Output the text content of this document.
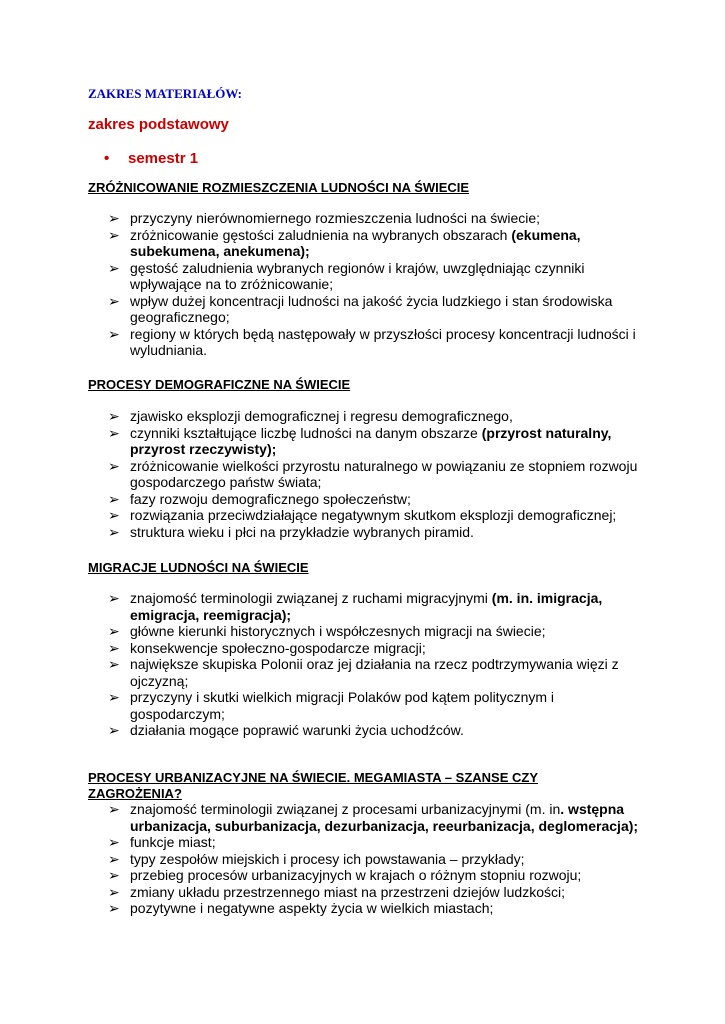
ZAKRES MATERIAŁÓW:
zakres podstawowy
• semestr 1
ZRÓŻNICOWANIE ROZMIESZCZENIA LUDNOŚCI NA ŚWIECIE
➢ przyczyny nierównomiernego rozmieszczenia ludności na świecie;
➢ zróżnicowanie gęstości zaludnienia na wybranych obszarach (ekumena, subekumena, anekumena);
➢ gęstość zaludnienia wybranych regionów i krajów, uwzględniając czynniki wpływające na to zróżnicowanie;
➢ wpływ dużej koncentracji ludności na jakość życia ludzkiego i stan środowiska geograficznego;
➢ regiony w których będą następowały w przyszłości procesy koncentracji ludności i wyludniania.
PROCESY DEMOGRAFICZNE NA ŚWIECIE
➢ zjawisko eksplozji demograficznej i regresu demograficznego,
➢ czynniki kształtujące liczbę ludności na danym obszarze (przyrost naturalny, przyrost rzeczywisty);
➢ zróżnicowanie wielkości przyrostu naturalnego w powiązaniu ze stopniem rozwoju gospodarczego państw świata;
➢ fazy rozwoju demograficznego społeczeństw;
➢ rozwiązania przeciwdziałające negatywnym skutkom eksplozji demograficznej;
➢ struktura wieku i płci na przykładzie wybranych piramid.
MIGRACJE LUDNOŚCI NA ŚWIECIE
➢ znajomość terminologii związanej z ruchami migracyjnymi (m. in. imigracja, emigracja, reemigracja);
➢ główne kierunki historycznych i współczesnych migracji na świecie;
➢ konsekwencje społeczno-gospodarcze migracji;
➢ największe skupiska Polonii oraz jej działania na rzecz podtrzymywania więzi z ojczyzną;
➢ przyczyny i skutki wielkich migracji Polaków pod kątem politycznym i gospodarczym;
➢ działania mogące poprawić warunki życia uchodźców.
PROCESY URBANIZACYJNE NA ŚWIECIE. MEGAMIASTA – SZANSE CZY ZAGROŻENIA?
➢ znajomość terminologii związanej z procesami urbanizacyjnymi (m. in. wstępna urbanizacja, suburbanizacja, dezurbanizacja, reeurbanizacja, deglomeracja);
➢ funkcje miast;
➢ typy zespołów miejskich i procesy ich powstawania – przykłady;
➢ przebieg procesów urbanizacyjnych w krajach o różnym stopniu rozwoju;
➢ zmiany układu przestrzennego miast na przestrzeni dziejów ludzkości;
➢ pozytywne i negatywne aspekty życia w wielkich miastach;
